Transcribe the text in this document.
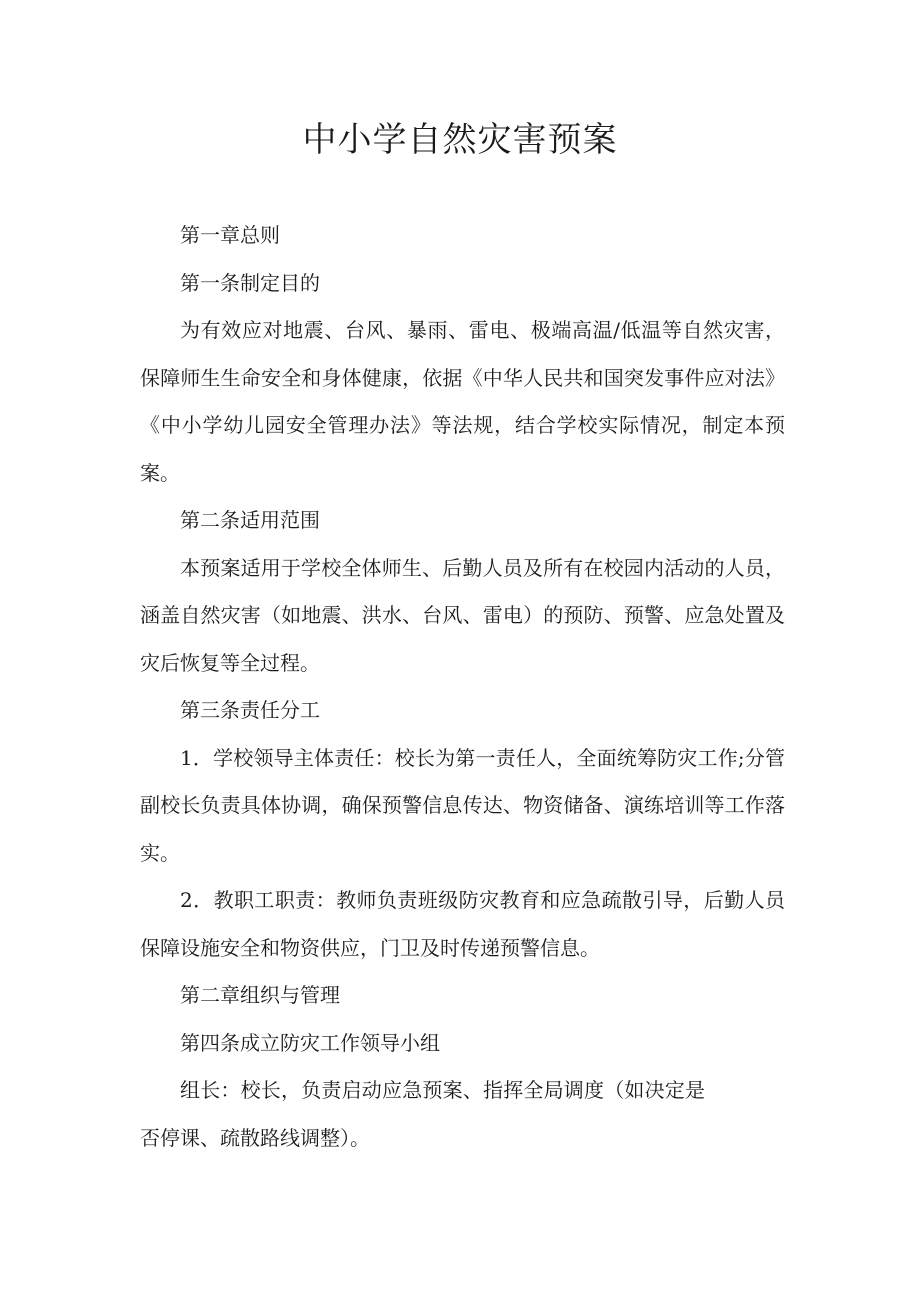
中小学自然灾害预案

第一章总则

第一条制定目的

为有效应对地震、台风、暴雨、雷电、极端高温/低温等自然灾害，保障师生生命安全和身体健康，依据《中华人民共和国突发事件应对法》《中小学幼儿园安全管理办法》等法规，结合学校实际情况，制定本预案。

第二条适用范围

本预案适用于学校全体师生、后勤人员及所有在校园内活动的人员，涵盖自然灾害（如地震、洪水、台风、雷电）的预防、预警、应急处置及灾后恢复等全过程。

第三条责任分工

1．学校领导主体责任：校长为第一责任人，全面统筹防灾工作;分管副校长负责具体协调，确保预警信息传达、物资储备、演练培训等工作落实。

2．教职工职责：教师负责班级防灾教育和应急疏散引导，后勤人员保障设施安全和物资供应，门卫及时传递预警信息。

第二章组织与管理

第四条成立防灾工作领导小组

组长：校长，负责启动应急预案、指挥全局调度（如决定是否停课、疏散路线调整）。
